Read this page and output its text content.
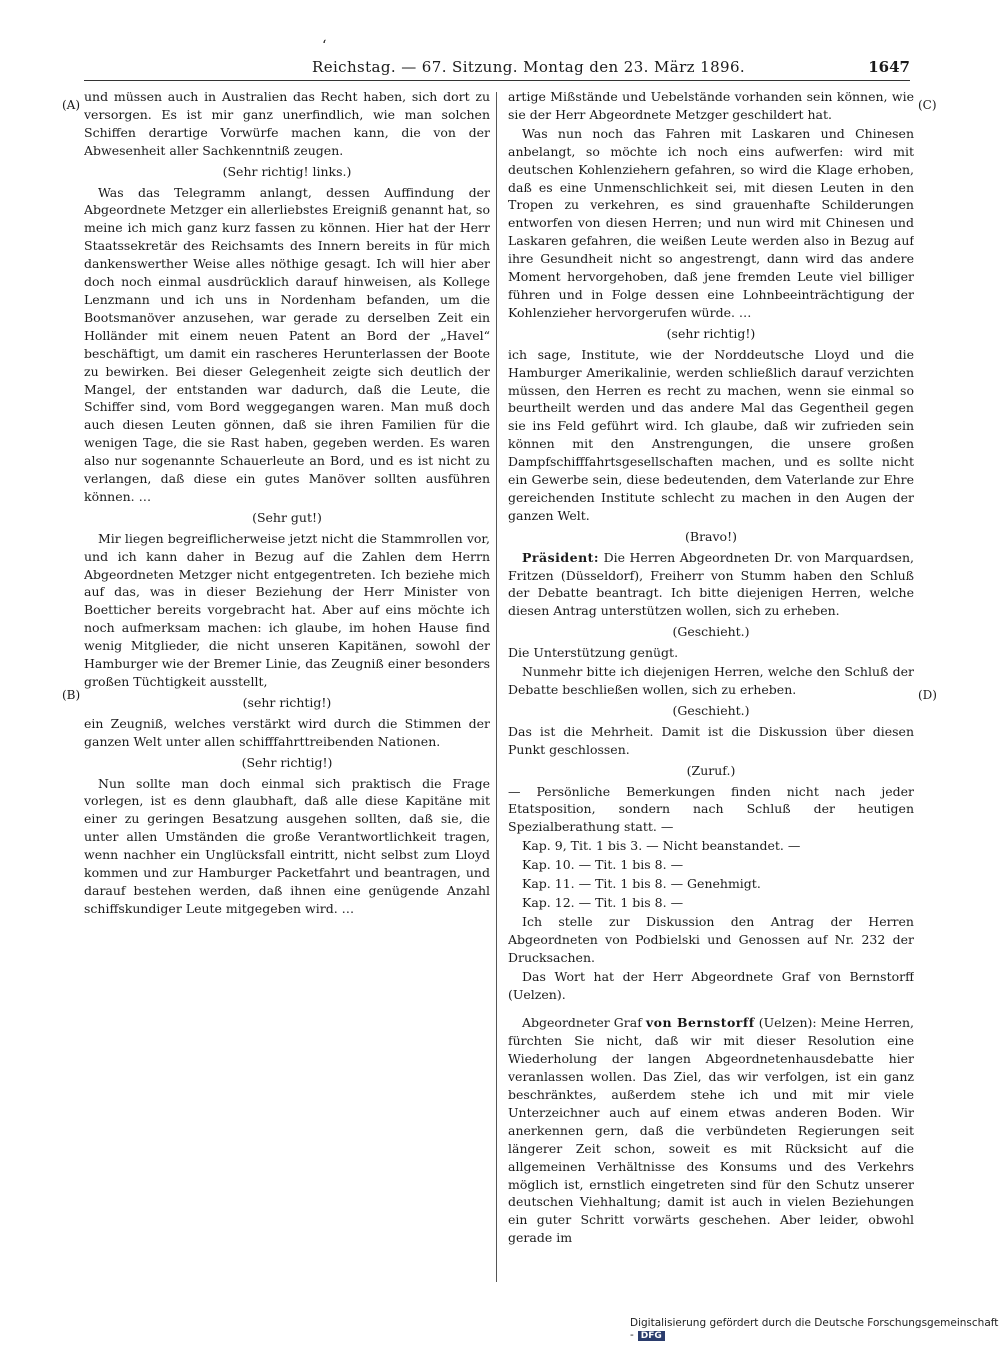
‘
Reichstag. — 67. Sitzung. Montag den 23. März 1896.	1647
(A)
(B)
(C)
(D)

und müssen auch in Australien das Recht haben, sich dort zu versorgen. Es ist mir ganz unerfindlich, wie man solchen Schiffen derartige Vorwürfe machen kann, die von der Abwesenheit aller Sachkenntniß zeugen.

(Sehr richtig! links.)

Was das Telegramm anlangt, dessen Auffindung der Abgeordnete Metzger ein allerliebstes Ereigniß genannt hat, so meine ich mich ganz kurz fassen zu können. Hier hat der Herr Staatssekretär des Reichsamts des Innern bereits in für mich dankenswerther Weise alles nöthige gesagt. Ich will hier aber doch noch einmal ausdrücklich darauf hinweisen, als Kollege Lenzmann und ich uns in Nordenham befanden, um die Bootsmanöver anzusehen, war gerade zu derselben Zeit ein Holländer mit einem neuen Patent an Bord der „Havel“ beschäftigt, um damit ein rascheres Herunterlassen der Boote zu bewirken. Bei dieser Gelegenheit zeigte sich deutlich der Mangel, der entstanden war dadurch, daß die Leute, die Schiffer sind, vom Bord weggegangen waren. Man muß doch auch diesen Leuten gönnen, daß sie ihren Familien für die wenigen Tage, die sie Rast haben, gegeben werden. Es waren also nur sogenannte Schauerleute an Bord, und es ist nicht zu verlangen, daß diese ein gutes Manöver sollten ausführen können. …

(Sehr gut!)

Mir liegen begreiflicherweise jetzt nicht die Stammrollen vor, und ich kann daher in Bezug auf die Zahlen dem Herrn Abgeordneten Metzger nicht entgegentreten. Ich beziehe mich auf das, was in dieser Beziehung der Herr Minister von Boetticher bereits vorgebracht hat. Aber auf eins möchte ich noch aufmerksam machen: ich glaube, im hohen Hause find wenig Mitglieder, die nicht unseren Kapitänen, sowohl der Hamburger wie der Bremer Linie, das Zeugniß einer besonders großen Tüchtigkeit ausstellt,

(sehr richtig!)

ein Zeugniß, welches verstärkt wird durch die Stimmen der ganzen Welt unter allen schifffahrttreibenden Nationen.

(Sehr richtig!)

Nun sollte man doch einmal sich praktisch die Frage vorlegen, ist es denn glaubhaft, daß alle diese Kapitäne mit einer zu geringen Besatzung ausgehen sollten, daß sie, die unter allen Umständen die große Verantwortlichkeit tragen, wenn nachher ein Unglücksfall eintritt, nicht selbst zum Lloyd kommen und zur Hamburger Packetfahrt und beantragen, und darauf bestehen werden, daß ihnen eine genügende Anzahl schiffskundiger Leute mitgegeben wird. …

artige Mißstände und Uebelstände vorhanden sein können, wie sie der Herr Abgeordnete Metzger geschildert hat.

Was nun noch das Fahren mit Laskaren und Chinesen anbelangt, so möchte ich noch eins aufwerfen: wird mit deutschen Kohlenziehern gefahren, so wird die Klage erhoben, daß es eine Unmenschlichkeit sei, mit diesen Leuten in den Tropen zu verkehren, es sind grauenhafte Schilderungen entworfen von diesen Herren; und nun wird mit Chinesen und Laskaren gefahren, die weißen Leute werden also in Bezug auf ihre Gesundheit nicht so angestrengt, dann wird das andere Moment hervorgehoben, daß jene fremden Leute viel billiger führen und in Folge dessen eine Lohnbeeinträchtigung der Kohlenzieher hervorgerufen würde. …

(sehr richtig!)

ich sage, Institute, wie der Norddeutsche Lloyd und die Hamburger Amerikalinie, werden schließlich darauf verzichten müssen, den Herren es recht zu machen, wenn sie einmal so beurtheilt werden und das andere Mal das Gegentheil gegen sie ins Feld geführt wird. Ich glaube, daß wir zufrieden sein können mit den Anstrengungen, die unsere großen Dampfschifffahrtsgesellschaften machen, und es sollte nicht ein Gewerbe sein, diese bedeutenden, dem Vaterlande zur Ehre gereichenden Institute schlecht zu machen in den Augen der ganzen Welt.

(Bravo!)

Präsident: Die Herren Abgeordneten Dr. von Marquardsen, Fritzen (Düsseldorf), Freiherr von Stumm haben den Schluß der Debatte beantragt. Ich bitte diejenigen Herren, welche diesen Antrag unterstützen wollen, sich zu erheben.

(Geschieht.)

Die Unterstützung genügt.

Nunmehr bitte ich diejenigen Herren, welche den Schluß der Debatte beschließen wollen, sich zu erheben.

(Geschieht.)

Das ist die Mehrheit. Damit ist die Diskussion über diesen Punkt geschlossen.

(Zuruf.)

— Persönliche Bemerkungen finden nicht nach jeder Etatsposition, sondern nach Schluß der heutigen Spezialberathung statt. —

Kap. 9, Tit. 1 bis 3. — Nicht beanstandet. —

Kap. 10. — Tit. 1 bis 8. —

Kap. 11. — Tit. 1 bis 8. — Genehmigt.

Kap. 12. — Tit. 1 bis 8. —

Ich stelle zur Diskussion den Antrag der Herren Abgeordneten von Podbielski und Genossen auf Nr. 232 der Drucksachen.

Das Wort hat der Herr Abgeordnete Graf von Bernstorff (Uelzen).

Abgeordneter Graf von Bernstorff (Uelzen): Meine Herren, fürchten Sie nicht, daß wir mit dieser Resolution eine Wiederholung der langen Abgeordnetenhausdebatte hier veranlassen wollen. Das Ziel, das wir verfolgen, ist ein ganz beschränktes, außerdem stehe ich und mit mir viele Unterzeichner auch auf einem etwas anderen Boden. Wir anerkennen gern, daß die verbündeten Regierungen seit längerer Zeit schon, soweit es mit Rücksicht auf die allgemeinen Verhältnisse des Konsums und des Verkehrs möglich ist, ernstlich eingetreten sind für den Schutz unserer deutschen Viehhaltung; damit ist auch in vielen Beziehungen ein guter Schritt vorwärts geschehen. Aber leider, obwohl gerade im

Digitalisierung gefördert durch die Deutsche Forschungsgemeinschaft - DFG
